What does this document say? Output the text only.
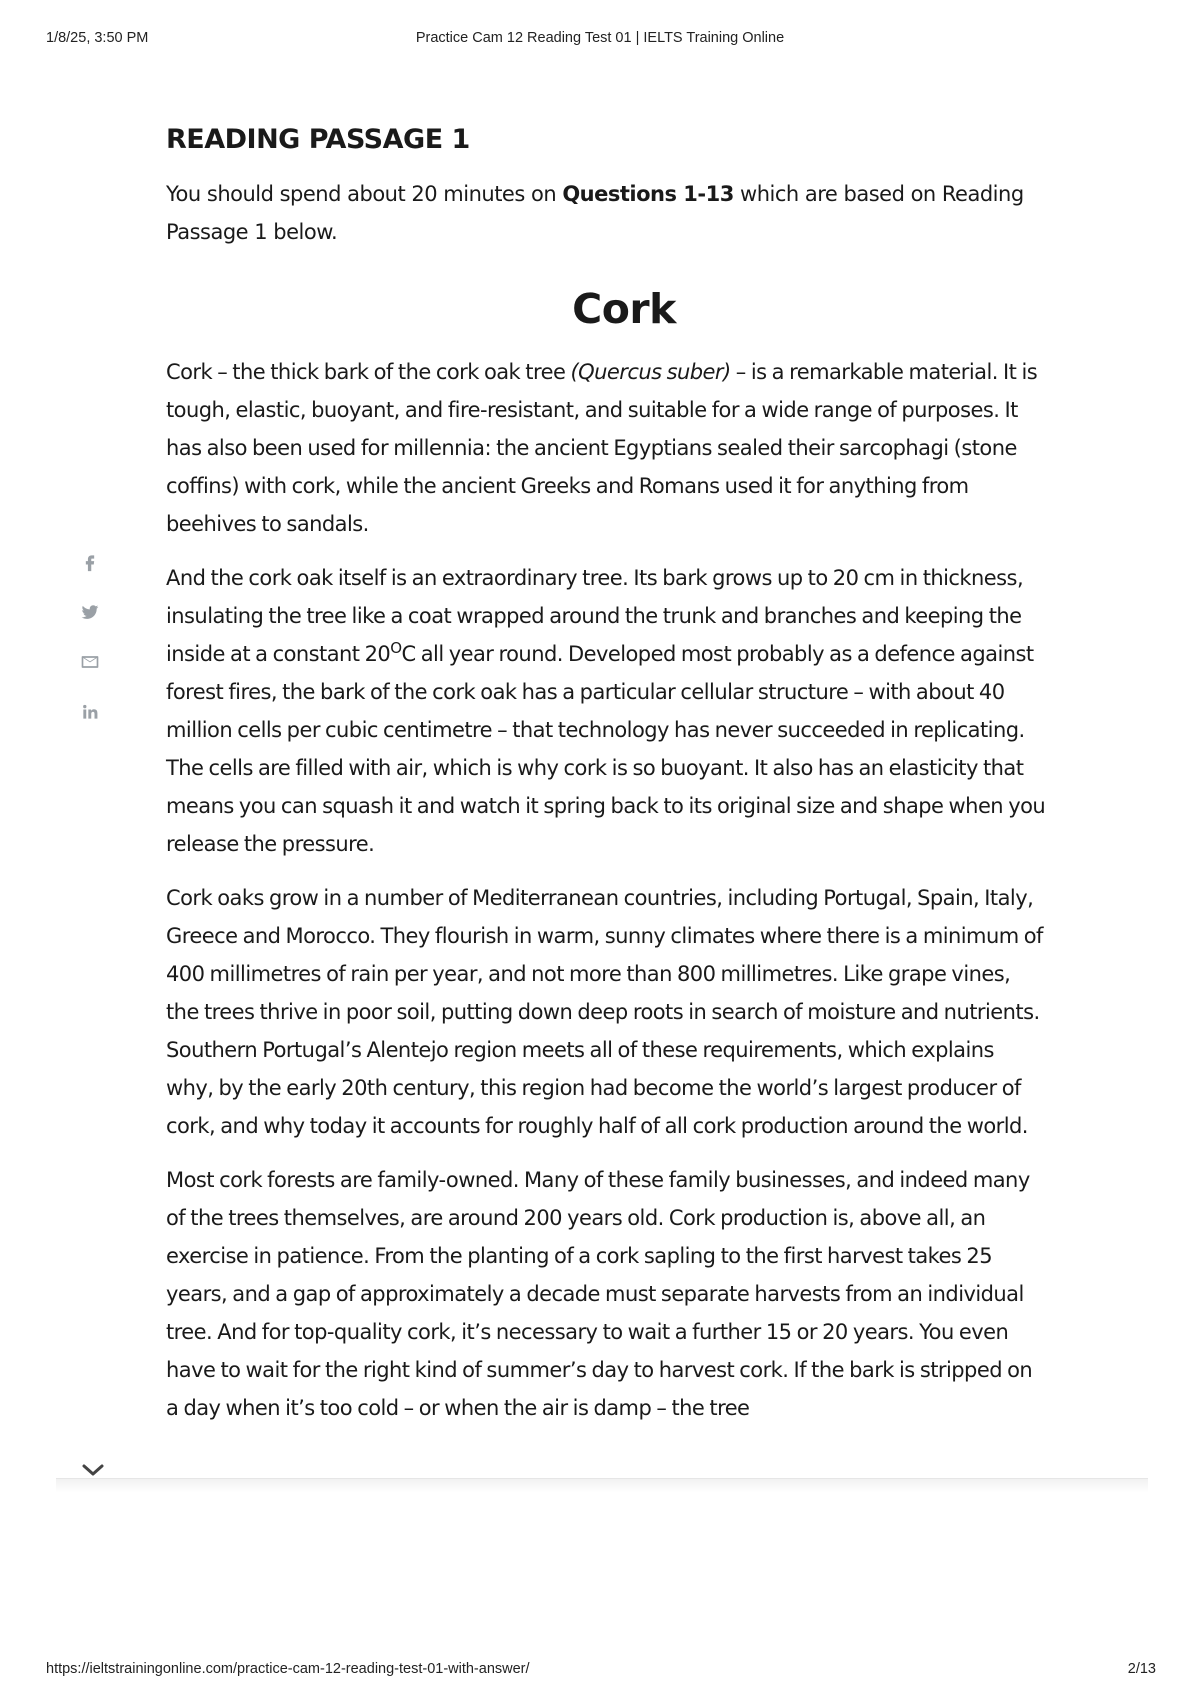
1/8/25, 3:50 PM	Practice Cam 12 Reading Test 01 | IELTS Training Online
READING PASSAGE 1

You should spend about 20 minutes on Questions 1-13 which are based on Reading Passage 1 below.

Cork

Cork – the thick bark of the cork oak tree (Quercus suber) – is a remarkable material. It is tough, elastic, buoyant, and fire-resistant, and suitable for a wide range of purposes. It has also been used for millennia: the ancient Egyptians sealed their sarcophagi (stone coffins) with cork, while the ancient Greeks and Romans used it for anything from beehives to sandals.

And the cork oak itself is an extraordinary tree. Its bark grows up to 20 cm in thickness, insulating the tree like a coat wrapped around the trunk and branches and keeping the inside at a constant $20^OC$ all year round. Developed most probably as a defence against forest fires, the bark of the cork oak has a particular cellular structure – with about 40 million cells per cubic centimetre – that technology has never succeeded in replicating. The cells are filled with air, which is why cork is so buoyant. It also has an elasticity that means you can squash it and watch it spring back to its original size and shape when you release the pressure.

Cork oaks grow in a number of Mediterranean countries, including Portugal, Spain, Italy, Greece and Morocco. They flourish in warm, sunny climates where there is a minimum of 400 millimetres of rain per year, and not more than 800 millimetres. Like grape vines, the trees thrive in poor soil, putting down deep roots in search of moisture and nutrients. Southern Portugal’s Alentejo region meets all of these requirements, which explains why, by the early 20th century, this region had become the world’s largest producer of cork, and why today it accounts for roughly half of all cork production around the world.

Most cork forests are family-owned. Many of these family businesses, and indeed many of the trees themselves, are around 200 years old. Cork production is, above all, an exercise in patience. From the planting of a cork sapling to the first harvest takes 25 years, and a gap of approximately a decade must separate harvests from an individual tree. And for top-quality cork, it’s necessary to wait a further 15 or 20 years. You even have to wait for the right kind of summer’s day to harvest cork. If the bark is stripped on a day when it’s too cold – or when the air is damp – the tree

https://ieltstrainingonline.com/practice-cam-12-reading-test-01-with-answer/	2/13
